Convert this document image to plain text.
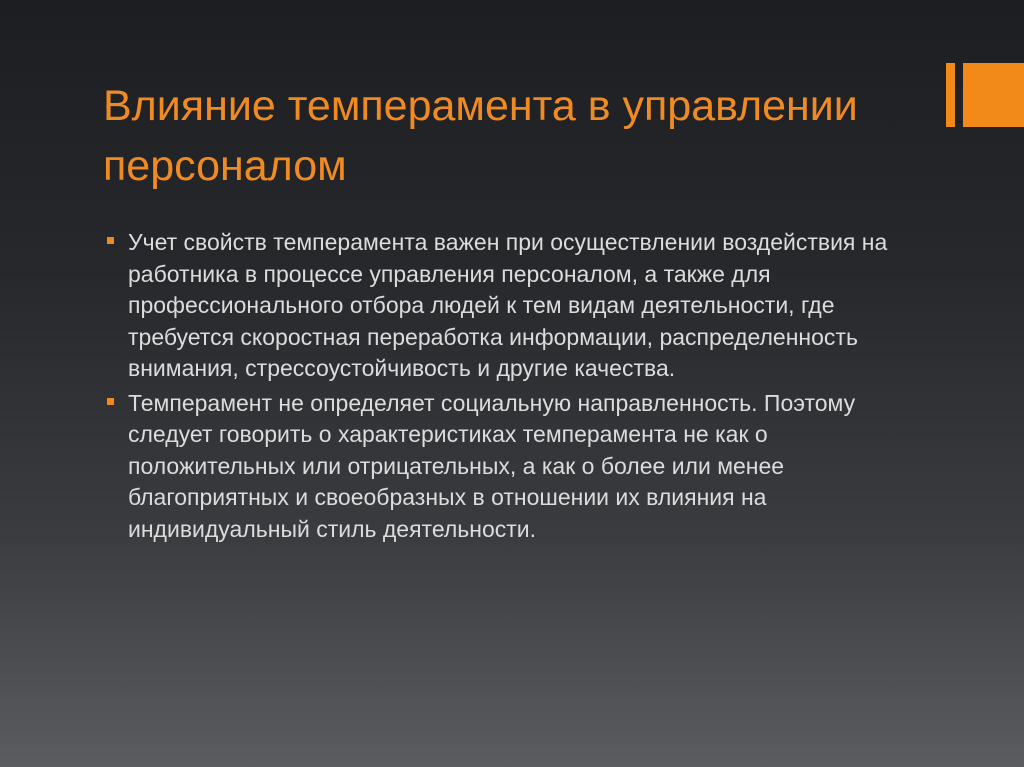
Влияние темперамента в управлении персоналом
Учет свойств темперамента важен при осуществлении воздействия на работника в процессе управления персоналом, а также для профессионального отбора людей к тем видам деятельности, где требуется скоростная переработка информации, распределенность внимания, стрессоустойчивость и другие качества.
Темперамент не определяет социальную направленность. Поэтому следует говорить о характеристиках темперамента не как о положительных или отрицательных, а как о более или менее благоприятных и своеобразных в отношении их влияния на индивидуальный стиль деятельности.
